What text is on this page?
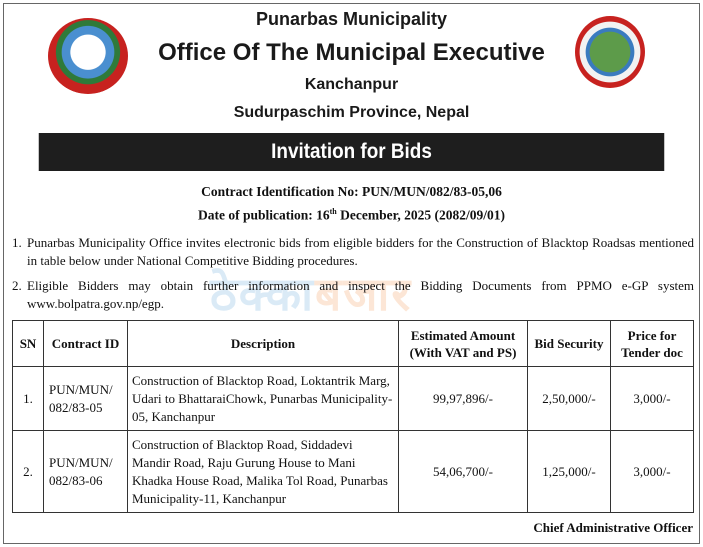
Punarbas Municipality
Office Of The Municipal Executive
Kanchanpur
Sudurpaschim Province, Nepal
Invitation for Bids
Contract Identification No: PUN/MUN/082/83-05,06
Date of publication: 16th December, 2025 (2082/09/01)
ठेक्काबजार
1. Punarbas Municipality Office invites electronic bids from eligible bidders for the Construction of Blacktop Roadsas mentioned in table below under National Competitive Bidding procedures.
2. Eligible Bidders may obtain further information and inspect the Bidding Documents from PPMO e-GP system www.bolpatra.gov.np/egp.
SN	Contract ID	Description	Estimated Amount (With VAT and PS)	Bid Security	Price for Tender doc
1.	PUN/MUN/ 082/83-05	Construction of Blacktop Road, Loktantrik Marg, Udari to BhattaraiChowk, Punarbas Municipality-05, Kanchanpur	99,97,896/-	2,50,000/-	3,000/-
2.	PUN/MUN/ 082/83-06	Construction of Blacktop Road, Siddadevi Mandir Road, Raju Gurung House to Mani Khadka House Road, Malika Tol Road, Punarbas Municipality-11, Kanchanpur	54,06,700/-	1,25,000/-	3,000/-
Chief Administrative Officer
